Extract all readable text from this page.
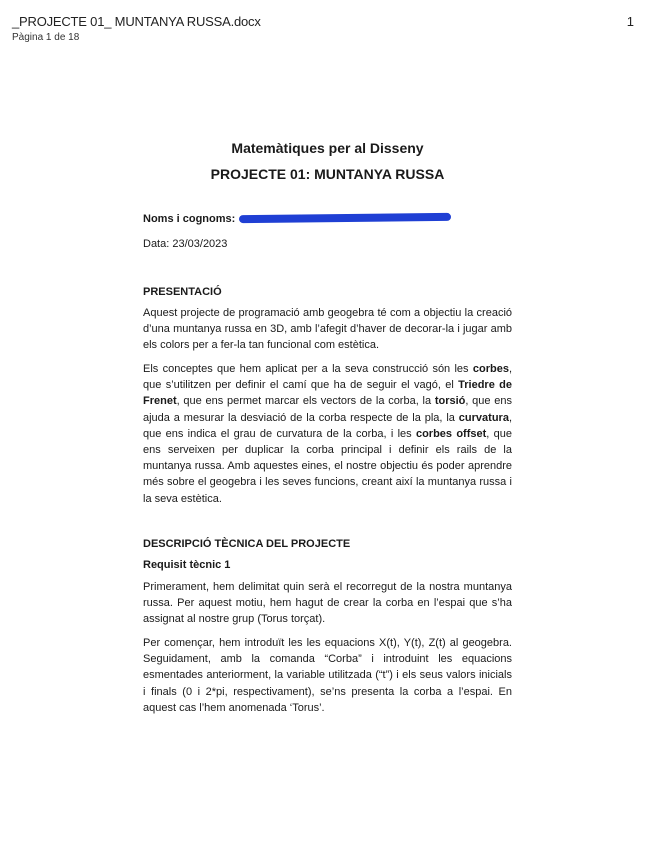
_PROJECTE 01_ MUNTANYA RUSSA.docx
Pàgina 1 de 18
1
Matemàtiques per al Disseny
PROJECTE 01: MUNTANYA RUSSA
Noms i cognoms:
Data: 23/03/2023
PRESENTACIÓ

Aquest projecte de programació amb geogebra té com a objectiu la creació d’una muntanya russa en 3D, amb l’afegit d’haver de decorar-la i jugar amb els colors per a fer-la tan funcional com estètica.

Els conceptes que hem aplicat per a la seva construcció són les corbes, que s’utilitzen per definir el camí que ha de seguir el vagó, el Triedre de Frenet, que ens permet marcar els vectors de la corba, la torsió, que ens ajuda a mesurar la desviació de la corba respecte de la pla, la curvatura, que ens indica el grau de curvatura de la corba, i les corbes offset, que ens serveixen per duplicar la corba principal i definir els rails de la muntanya russa. Amb aquestes eines, el nostre objectiu és poder aprendre més sobre el geogebra i les seves funcions, creant així la muntanya russa i la seva estètica.

DESCRIPCIÓ TÈCNICA DEL PROJECTE
Requisit tècnic 1

Primerament, hem delimitat quin serà el recorregut de la nostra muntanya russa. Per aquest motiu, hem hagut de crear la corba en l’espai que s’ha assignat al nostre grup (Torus torçat).

Per començar, hem introduït les les equacions X(t), Y(t), Z(t) al geogebra. Seguidament, amb la comanda “Corba” i introduint les equacions esmentades anteriorment, la variable utilitzada (“t”) i els seus valors inicials i finals (0 i 2*pi, respectivament), se’ns presenta la corba a l’espai. En aquest cas l’hem anomenada ‘Torus’.
